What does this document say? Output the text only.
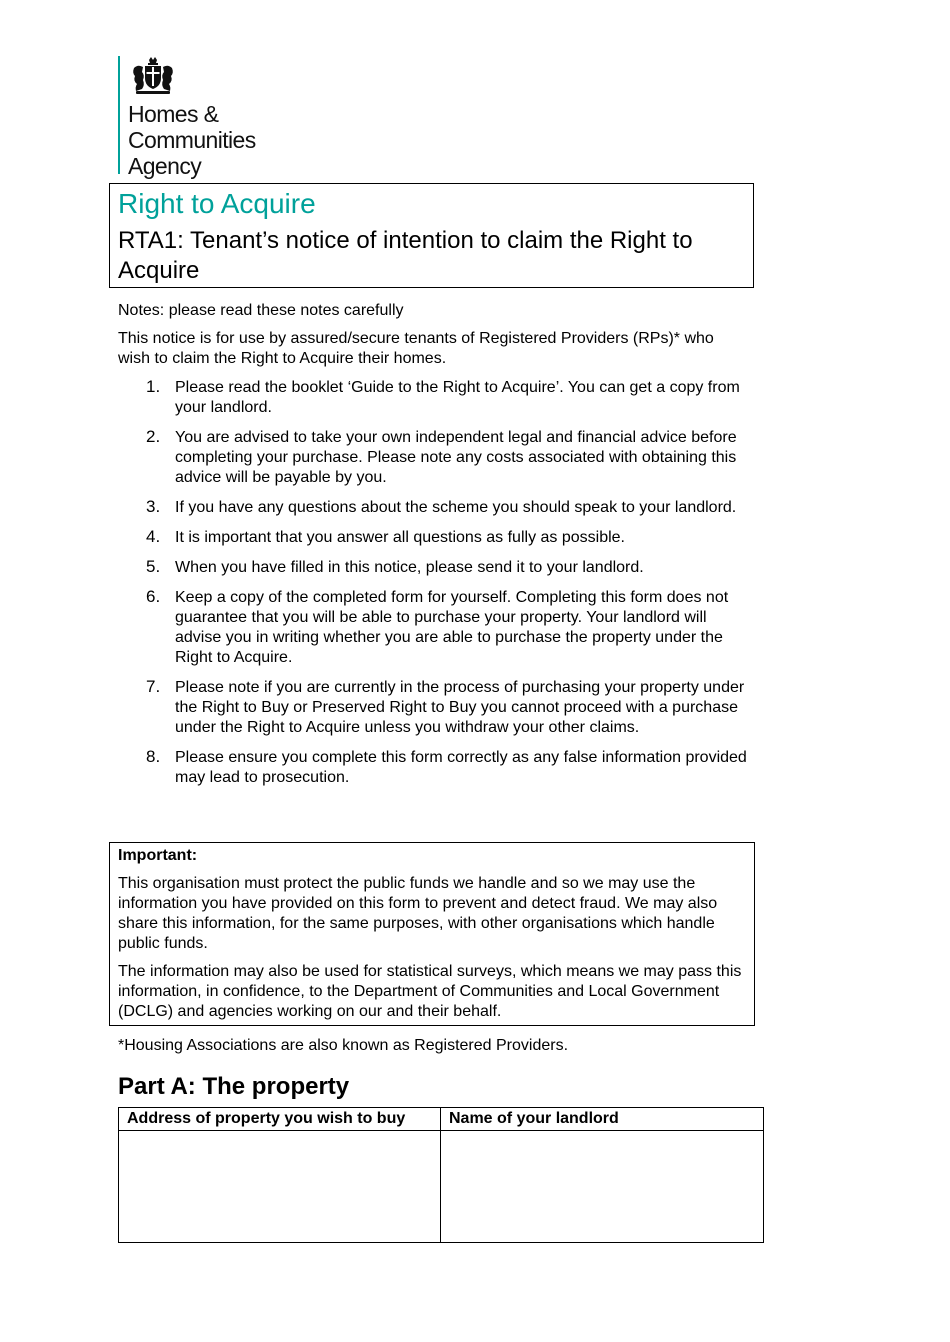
Homes &
Communities
Agency
Right to Acquire
RTA1: Tenant’s notice of intention to claim the Right to Acquire
Notes: please read these notes carefully
This notice is for use by assured/secure tenants of Registered Providers (RPs)* who wish to claim the Right to Acquire their homes.
1. Please read the booklet ‘Guide to the Right to Acquire’. You can get a copy from your landlord.
2. You are advised to take your own independent legal and financial advice before completing your purchase. Please note any costs associated with obtaining this advice will be payable by you.
3. If you have any questions about the scheme you should speak to your landlord.
4. It is important that you answer all questions as fully as possible.
5. When you have filled in this notice, please send it to your landlord.
6. Keep a copy of the completed form for yourself. Completing this form does not guarantee that you will be able to purchase your property. Your landlord will advise you in writing whether you are able to purchase the property under the Right to Acquire.
7. Please note if you are currently in the process of purchasing your property under the Right to Buy or Preserved Right to Buy you cannot proceed with a purchase under the Right to Acquire unless you withdraw your other claims.
8. Please ensure you complete this form correctly as any false information provided may lead to prosecution.
Important:
This organisation must protect the public funds we handle and so we may use the information you have provided on this form to prevent and detect fraud. We may also share this information, for the same purposes, with other organisations which handle public funds.
The information may also be used for statistical surveys, which means we may pass this information, in confidence, to the Department of Communities and Local Government (DCLG) and agencies working on our and their behalf.
*Housing Associations are also known as Registered Providers.
Part A: The property
Address of property you wish to buy	Name of your landlord
